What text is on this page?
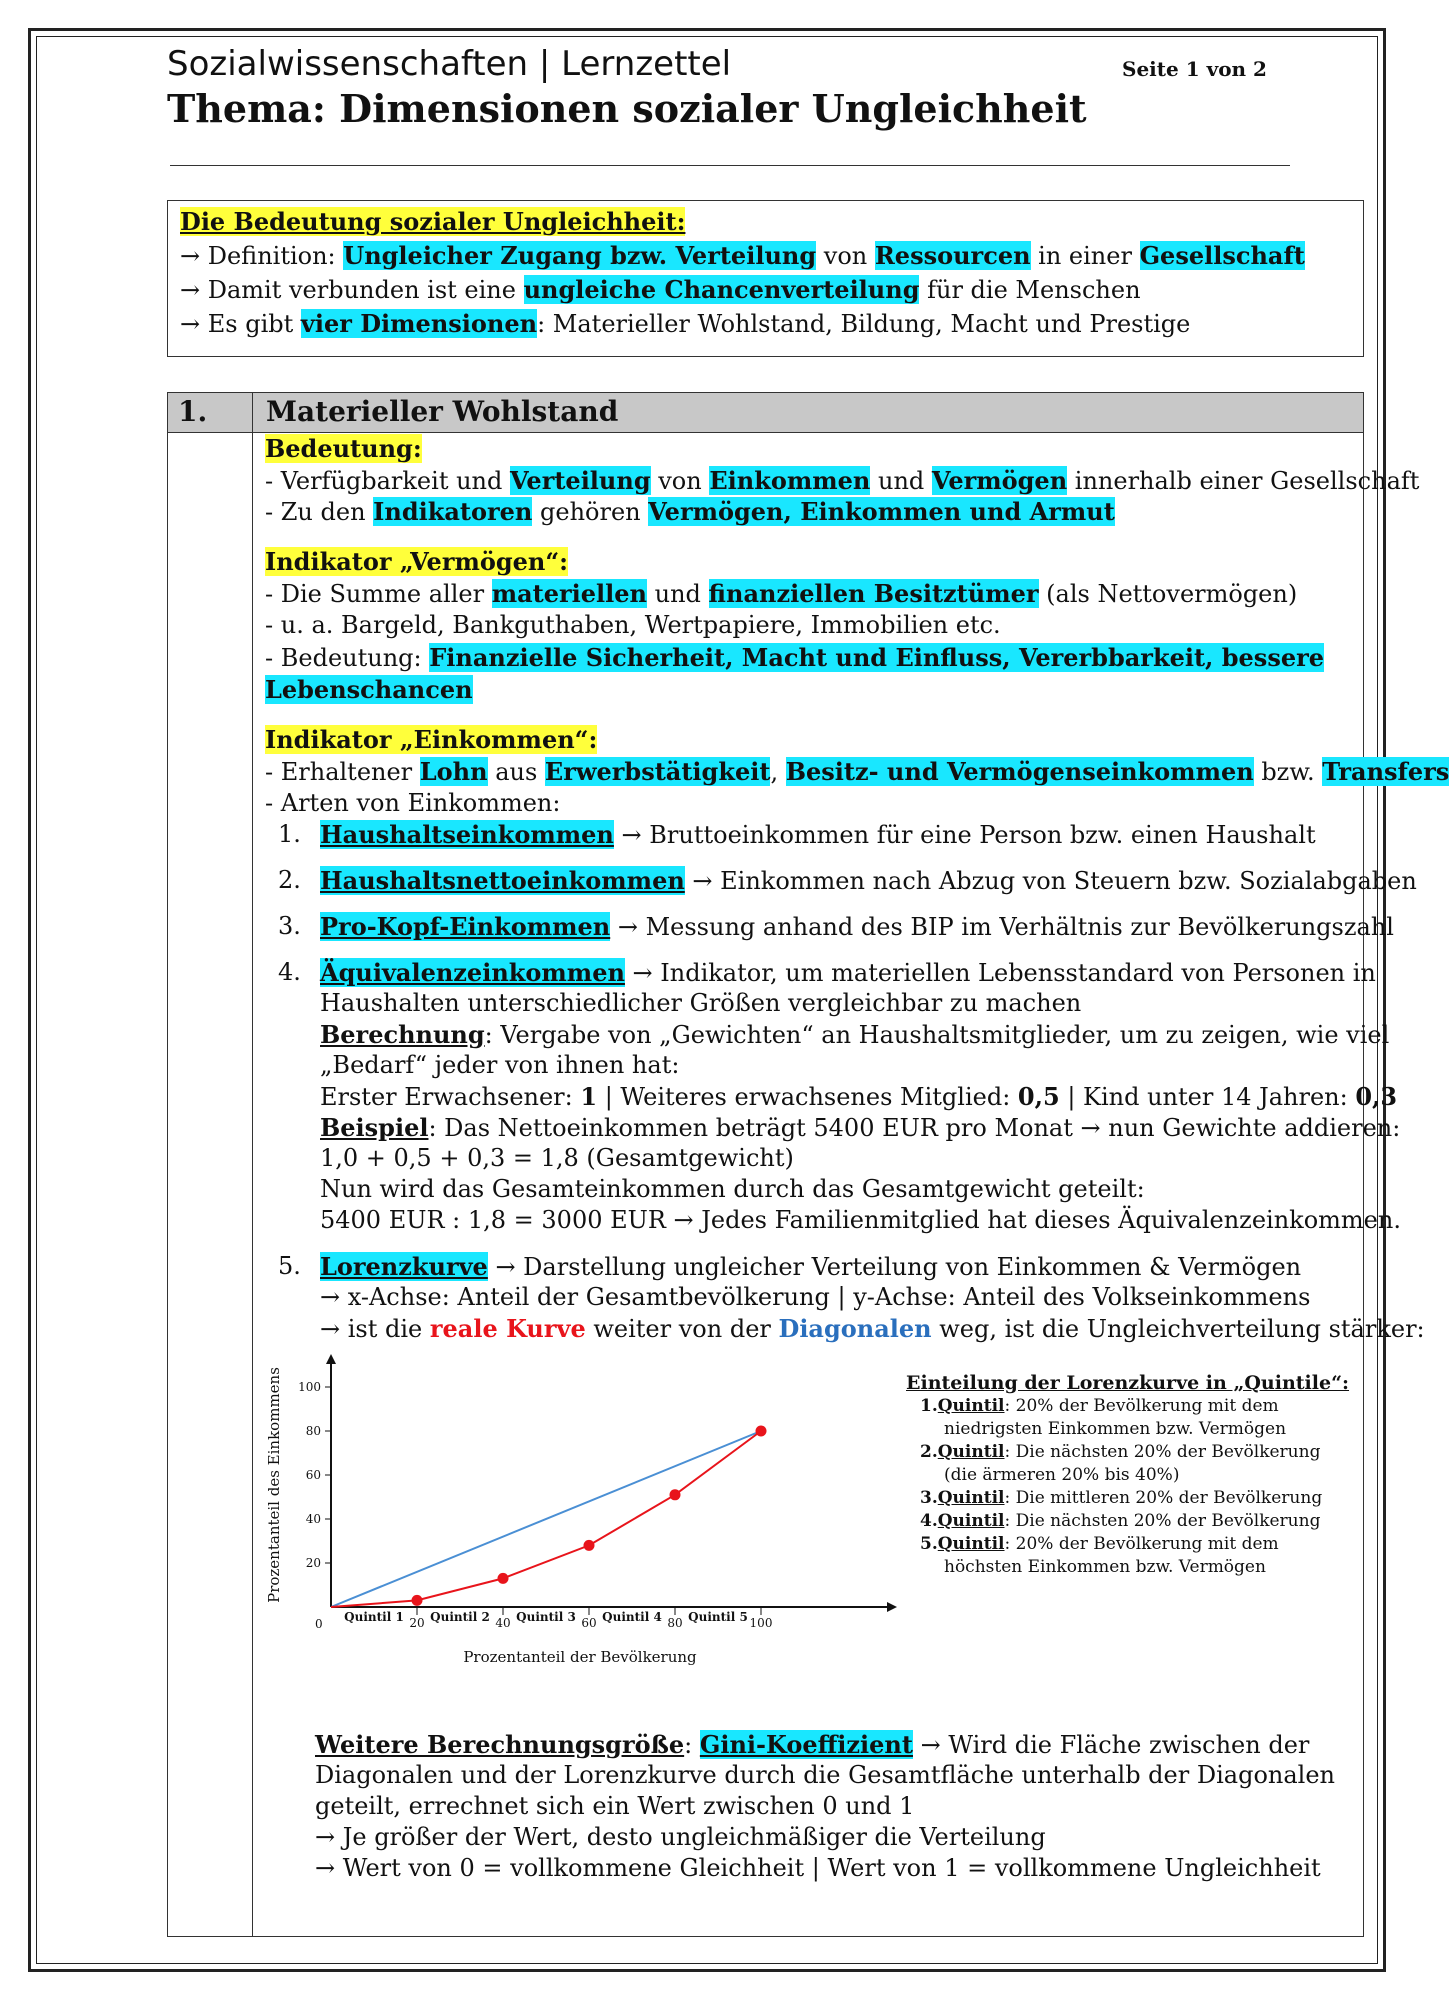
Sozialwissenschaften | Lernzettel	Seite 1 von 2
Thema: Dimensionen sozialer Ungleichheit
Die Bedeutung sozialer Ungleichheit:
→ Definition: Ungleicher Zugang bzw. Verteilung von Ressourcen in einer Gesellschaft
→ Damit verbunden ist eine ungleiche Chancenverteilung für die Menschen
→ Es gibt vier Dimensionen: Materieller Wohlstand, Bildung, Macht und Prestige
1. Materieller Wohlstand
Bedeutung:
- Verfügbarkeit und Verteilung von Einkommen und Vermögen innerhalb einer Gesellschaft
- Zu den Indikatoren gehören Vermögen, Einkommen und Armut
Indikator „Vermögen“:
- Die Summe aller materiellen und finanziellen Besitztümer (als Nettovermögen)
- u. a. Bargeld, Bankguthaben, Wertpapiere, Immobilien etc.
- Bedeutung: Finanzielle Sicherheit, Macht und Einfluss, Vererbbarkeit, bessere
Lebenschancen
Indikator „Einkommen“:
- Erhaltener Lohn aus Erwerbstätigkeit, Besitz- und Vermögenseinkommen bzw. Transfers
- Arten von Einkommen:
1. Haushaltseinkommen → Bruttoeinkommen für eine Person bzw. einen Haushalt
2. Haushaltsnettoeinkommen → Einkommen nach Abzug von Steuern bzw. Sozialabgaben
3. Pro-Kopf-Einkommen → Messung anhand des BIP im Verhältnis zur Bevölkerungszahl
4. Äquivalenzeinkommen → Indikator, um materiellen Lebensstandard von Personen in
Haushalten unterschiedlicher Größen vergleichbar zu machen
Berechnung: Vergabe von „Gewichten“ an Haushaltsmitglieder, um zu zeigen, wie viel
„Bedarf“ jeder von ihnen hat:
Erster Erwachsener: 1 | Weiteres erwachsenes Mitglied: 0,5 | Kind unter 14 Jahren: 0,3
Beispiel: Das Nettoeinkommen beträgt 5400 EUR pro Monat → nun Gewichte addieren:
1,0 + 0,5 + 0,3 = 1,8 (Gesamtgewicht)
Nun wird das Gesamteinkommen durch das Gesamtgewicht geteilt:
5400 EUR : 1,8 = 3000 EUR → Jedes Familienmitglied hat dieses Äquivalenzeinkommen.
5. Lorenzkurve → Darstellung ungleicher Verteilung von Einkommen & Vermögen
→ x-Achse: Anteil der Gesamtbevölkerung | y-Achse: Anteil des Volkseinkommens
→ ist die reale Kurve weiter von der Diagonalen weg, ist die Ungleichverteilung stärker:
20
40
60
80
100
20	40	60	80	100
Quintil 1 Quintil 2 Quintil 3 Quintil 4 Quintil 5
0
Prozentanteil der Bevölkerung
Prozentanteil des Einkommens	Einteilung der Lorenzkurve in „Quintile“:
1.Quintil: 20% der Bevölkerung mit dem
niedrigsten Einkommen bzw. Vermögen
2.Quintil: Die nächsten 20% der Bevölkerung
(die ärmeren 20% bis 40%)
3.Quintil: Die mittleren 20% der Bevölkerung
4.Quintil: Die nächsten 20% der Bevölkerung
5.Quintil: 20% der Bevölkerung mit dem
höchsten Einkommen bzw. Vermögen
Weitere Berechnungsgröße: Gini-Koeffizient → Wird die Fläche zwischen der
Diagonalen und der Lorenzkurve durch die Gesamtfläche unterhalb der Diagonalen
geteilt, errechnet sich ein Wert zwischen 0 und 1
→ Je größer der Wert, desto ungleichmäßiger die Verteilung
→ Wert von 0 = vollkommene Gleichheit | Wert von 1 = vollkommene Ungleichheit
